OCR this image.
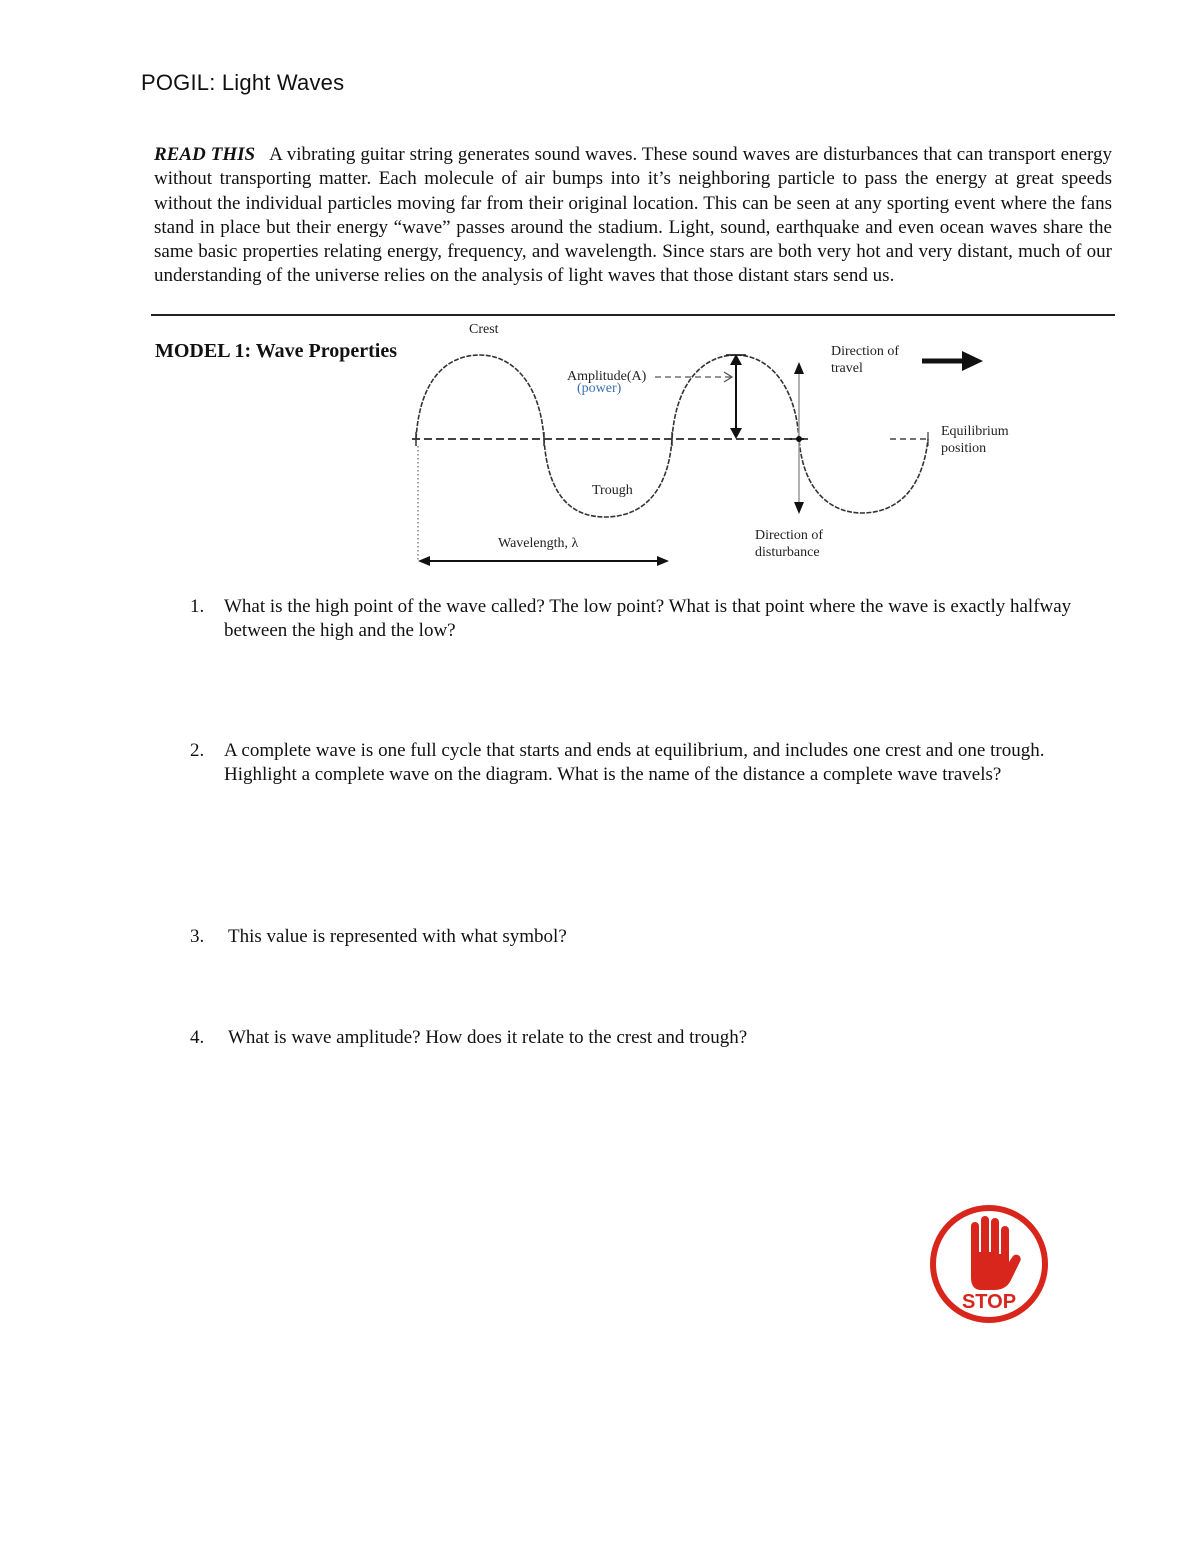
POGIL: Light Waves
READ THIS A vibrating guitar string generates sound waves. These sound waves are disturbances that can transport energy without transporting matter. Each molecule of air bumps into it’s neighboring particle to pass the energy at great speeds without the individual particles moving far from their original location. This can be seen at any sporting event where the fans stand in place but their energy “wave” passes around the stadium. Light, sound, earthquake and even ocean waves share the same basic properties relating energy, frequency, and wavelength. Since stars are both very hot and very distant, much of our understanding of the universe relies on the analysis of light waves that those distant stars send us.
MODEL 1: Wave Properties
Crest
Amplitude(A)
(power)
Direction of
travel
Equilibrium
position
Trough
Wavelength, λ
Direction of
disturbance
1.	What is the high point of the wave called? The low point? What is that point where the wave is exactly halfway between the high and the low?
2.	A complete wave is one full cycle that starts and ends at equilibrium, and includes one crest and one trough. Highlight a complete wave on the diagram. What is the name of the distance a complete wave travels?
3.	This value is represented with what symbol?
4.	What is wave amplitude? How does it relate to the crest and trough?
STOP
